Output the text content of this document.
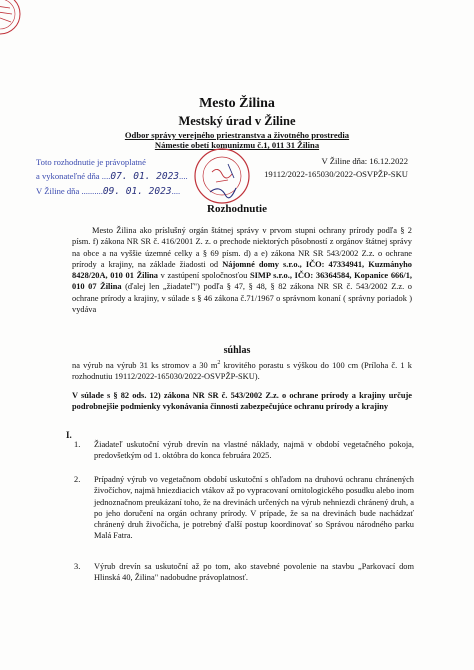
Mesto Žilina
Mestský úrad v Žiline
Odbor správy verejného priestranstva a životného prostredia
Námestie obetí komunizmu č.1, 011 31 Žilina
Toto rozhodnutie je právoplatné
a vykonateľné dňa ....07. 01. 2023....
V Žiline dňa ..........09. 01. 2023....
V Žiline dňa: 16.12.2022
19112/2022-165030/2022-OSVPŽP-SKU
Rozhodnutie
Mesto Žilina ako príslušný orgán štátnej správy v prvom stupni ochrany prírody podľa § 2 písm. f) zákona NR SR č. 416/2001 Z. z. o prechode niektorých pôsobností z orgánov štátnej správy na obce a na vyššie územné celky a § 69 písm. d) a e) zákona NR SR 543/2002 Z.z. o ochrane prírody a krajiny, na základe žiadosti od Nájomné domy s.r.o., IČO: 47334941, Kuzmányho 8428/20A, 010 01 Žilina v zastúpení spoločnosťou SIMP s.r.o., IČO: 36364584, Kopanice 666/1, 010 07 Žilina (ďalej len „žiadateľ") podľa § 47, § 48, § 82 zákona NR SR č. 543/2002 Z.z. o ochrane prírody a krajiny, v súlade s § 46 zákona č.71/1967 o správnom konaní ( správny poriadok ) vydáva
súhlas
na výrub na výrub 31 ks stromov a 30 $m^2$ krovitého porastu s výškou do 100 cm (Príloha č. 1 k rozhodnutiu 19112/2022-165030/2022-OSVPŽP-SKU).
V súlade s § 82 ods. 12) zákona NR SR č. 543/2002 Z.z. o ochrane prírody a krajiny určuje podrobnejšie podmienky vykonávania činnosti zabezpečujúce ochranu prírody a krajiny
I.
1.	Žiadateľ uskutoční výrub drevín na vlastné náklady, najmä v období vegetačného pokoja, predovšetkým od 1. októbra do konca februára 2025.
2.	Prípadný výrub vo vegetačnom období uskutoční s ohľadom na druhovú ochranu chránených živočíchov, najmä hniezdiacich vtákov až po vypracovaní ornitologického posudku alebo inom jednoznačnom preukázaní toho, že na drevinách určených na výrub nehniezdi chránený druh, a po jeho doručení na orgán ochrany prírody. V prípade, že sa na drevinách bude nachádzať chránený druh živočícha, je potrebný ďalší postup koordinovať so Správou národného parku Malá Fatra.
3.	Výrub drevín sa uskutoční až po tom, ako stavebné povolenie na stavbu „Parkovací dom Hlinská 40, Žilina" nadobudne právoplatnosť.
